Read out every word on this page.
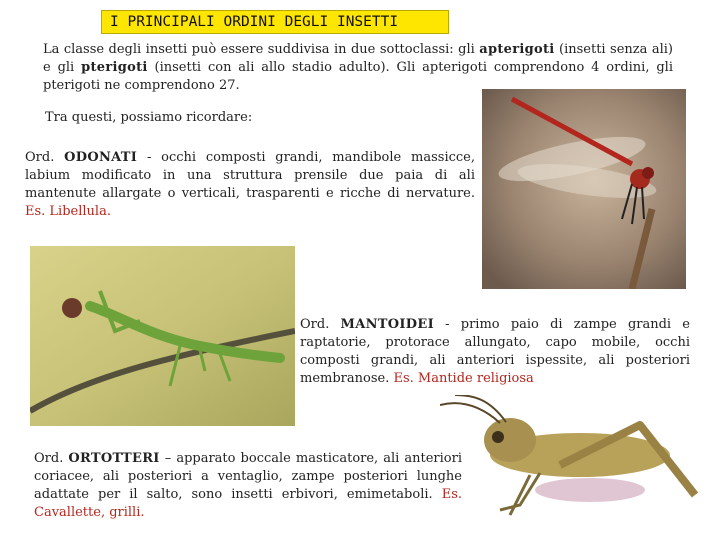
I PRINCIPALI ORDINI DEGLI INSETTI
La classe degli insetti può essere suddivisa in due sottoclassi: gli apterigoti (insetti senza ali) e gli pterigoti (insetti con ali allo stadio adulto). Gli apterigoti comprendono 4 ordini, gli pterigoti ne comprendono 27.
Tra questi, possiamo ricordare:
Ord. ODONATI - occhi composti grandi, mandibole massicce, labium modificato in una struttura prensile due paia di ali mantenute allargate o verticali, trasparenti e ricche di nervature. Es. Libellula.
Ord. MANTOIDEI - primo paio di zampe grandi e raptatorie, protorace allungato, capo mobile, occhi composti grandi, ali anteriori ispessite, ali posteriori membranose. Es. Mantide religiosa
Ord. ORTOTTERI – apparato boccale masticatore, ali anteriori coriacee, ali posteriori a ventaglio, zampe posteriori lunghe adattate per il salto, sono insetti erbivori, emimetaboli. Es. Cavallette, grilli.
